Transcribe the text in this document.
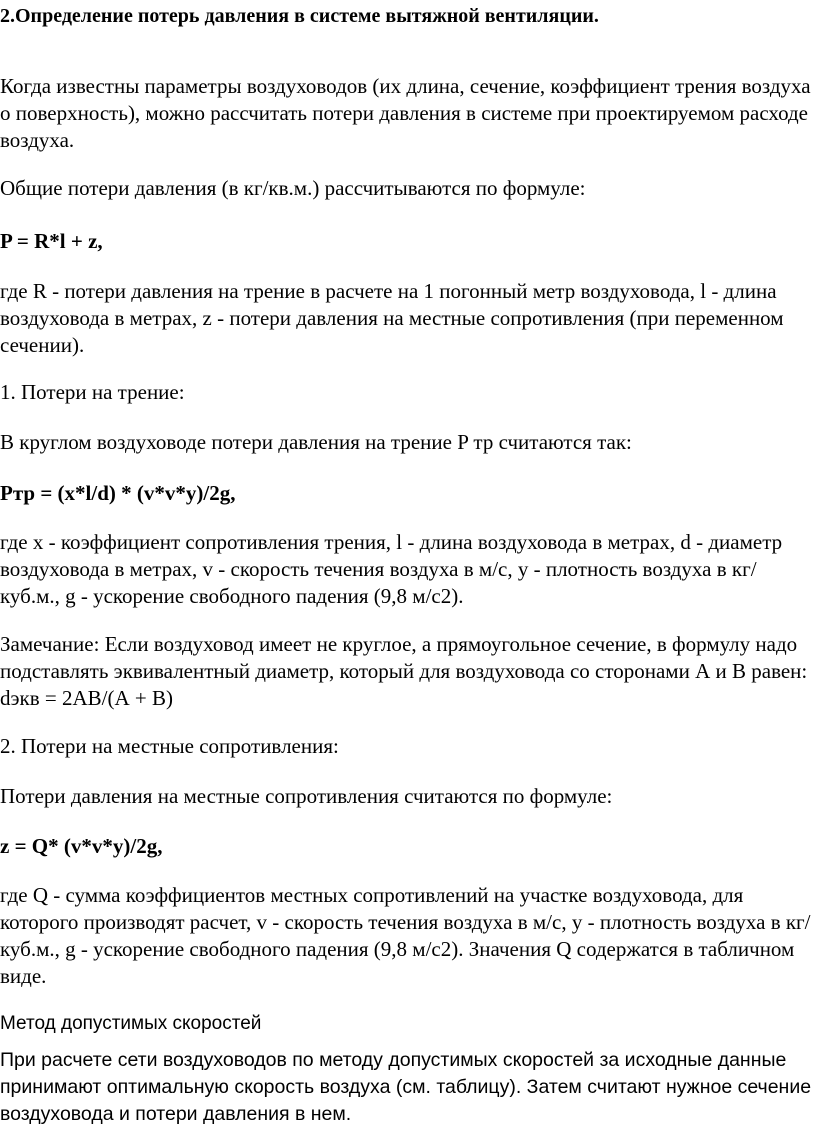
2.Определение потерь давления в системе вытяжной вентиляции.

Когда известны параметры воздуховодов (их длина, сечение, коэффициент трения воздуха о поверхность), можно рассчитать потери давления в системе при проектируемом расходе воздуха.

Общие потери давления (в кг/кв.м.) рассчитываются по формуле:

P = R*l + z,

где R - потери давления на трение в расчете на 1 погонный метр воздуховода, l - длина воздуховода в метрах, z - потери давления на местные сопротивления (при переменном сечении).

1. Потери на трение:

В круглом воздуховоде потери давления на трение P тр считаются так:

Pтр = (x*l/d) * (v*v*y)/2g,

где x - коэффициент сопротивления трения, l - длина воздуховода в метрах, d - диаметр воздуховода в метрах, v - скорость течения воздуха в м/с, y - плотность воздуха в кг/куб.м., g - ускорение свободного падения (9,8 м/с2).

Замечание: Если воздуховод имеет не круглое, а прямоугольное сечение, в формулу надо подставлять эквивалентный диаметр, который для воздуховода со сторонами А и В равен: dэкв = 2АВ/(А + В)

2. Потери на местные сопротивления:

Потери давления на местные сопротивления считаются по формуле:

z = Q* (v*v*y)/2g,

где Q - сумма коэффициентов местных сопротивлений на участке воздуховода, для которого производят расчет, v - скорость течения воздуха в м/с, y - плотность воздуха в кг/куб.м., g - ускорение свободного падения (9,8 м/с2). Значения Q содержатся в табличном виде.

Метод допустимых скоростей

При расчете сети воздуховодов по методу допустимых скоростей за исходные данные принимают оптимальную скорость воздуха (см. таблицу). Затем считают нужное сечение воздуховода и потери давления в нем.
